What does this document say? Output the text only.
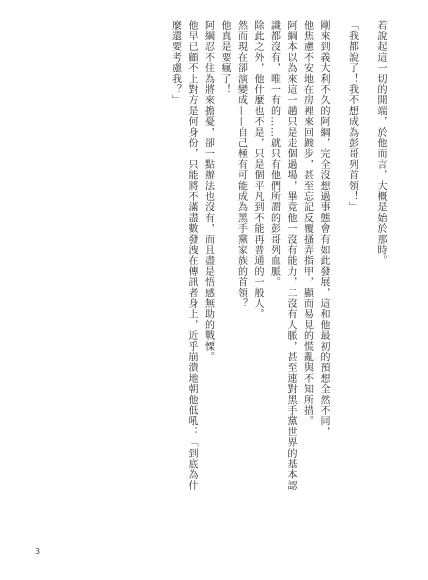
若說起這一切的開端，於他而言，大概是始於那時。
「我都說了！我不想成為彭哥列首領！」
剛來到義大利不久的阿綱，完全沒想過事態會有如此發展，這和他最初的預想全然不同，
他焦慮不安地在房裡來回踱步，甚至忘記反覆搔弄指甲，顯而易見的慌亂與不知所措。
阿綱本以為來這一趟只是走個過場，畢竟他一沒有能力，二沒有人脈，甚至連對黑手黨世界的基本認
識都沒有，唯一有的……就只有他們所謂的彭哥列血脈。
除此之外，他什麼也不是，只是個平凡到不能再普通的一般人。
然而現在卻演變成——自己極有可能成為黑手黨家族的首領？
他真是要瘋了！
阿綱忍不住為將來擔憂，卻一點辦法也沒有，而且盡是悟感無助的戰慄。
他早已顧不上對方是何身份，只能將不滿盡數發洩在傳訊者身上，近乎崩潰地朝他低吼：「到底為什
麼還要考慮我？」
3
